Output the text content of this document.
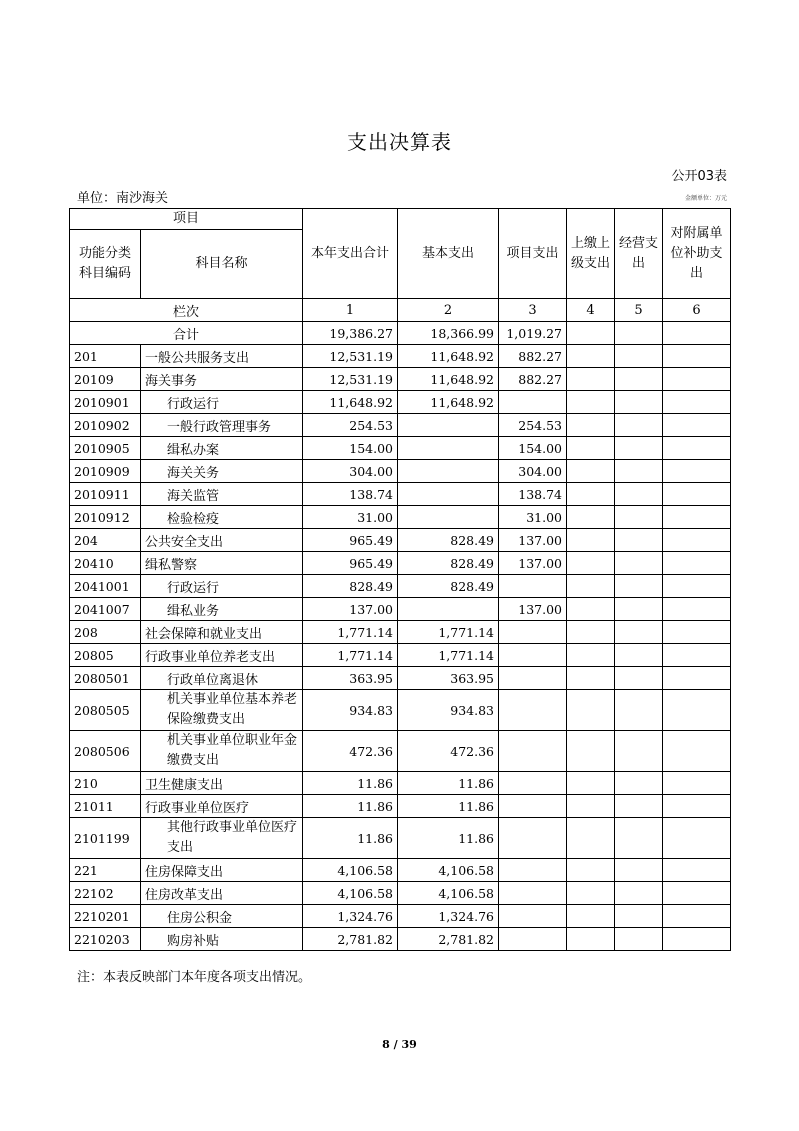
支出决算表
公开03表
单位：南沙海关	金额单位：万元
项目		本年支出合计	基本支出	项目支出	上缴上级支出	经营支出	对附属单位补助支出
功能分类科目编码	科目名称						
栏次		1	2	3	4	5	6
合计		19,386.27	18,366.99	1,019.27			
201	一般公共服务支出	12,531.19	11,648.92	882.27			
20109	海关事务	12,531.19	11,648.92	882.27			
2010901	行政运行	11,648.92	11,648.92				
2010902	一般行政管理事务	254.53		254.53			
2010905	缉私办案	154.00		154.00			
2010909	海关关务	304.00		304.00			
2010911	海关监管	138.74		138.74			
2010912	检验检疫	31.00		31.00			
204	公共安全支出	965.49	828.49	137.00			
20410	缉私警察	965.49	828.49	137.00			
2041001	行政运行	828.49	828.49				
2041007	缉私业务	137.00		137.00			
208	社会保障和就业支出	1,771.14	1,771.14				
20805	行政事业单位养老支出	1,771.14	1,771.14				
2080501	行政单位离退休	363.95	363.95				
2080505	机关事业单位基本养老保险缴费支出	934.83	934.83				
2080506	机关事业单位职业年金缴费支出	472.36	472.36				
210	卫生健康支出	11.86	11.86				
21011	行政事业单位医疗	11.86	11.86				
2101199	其他行政事业单位医疗支出	11.86	11.86				
221	住房保障支出	4,106.58	4,106.58				
22102	住房改革支出	4,106.58	4,106.58				
2210201	住房公积金	1,324.76	1,324.76				
2210203	购房补贴	2,781.82	2,781.82				
注：本表反映部门本年度各项支出情况。
8 / 39
